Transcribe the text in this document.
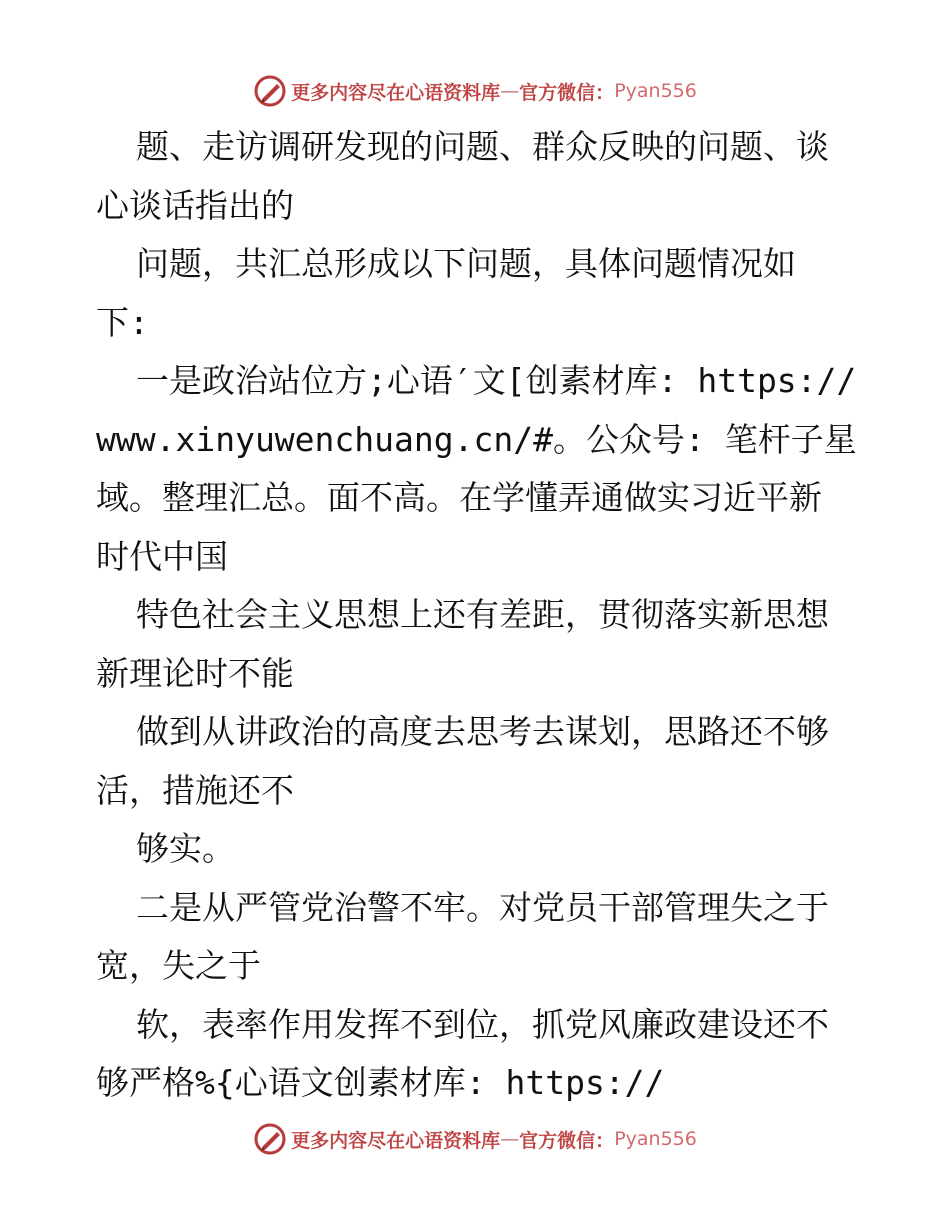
更多内容尽在心语资料库 — 官方微信： Pyan556
题、走访调研发现的问题、群众反映的问题、谈
心谈话指出的
问题，共汇总形成以下问题，具体问题情况如
下:
一是政治站位方;心语′文[创素材库: https://
www.xinyuwenchuang.cn/#。公众号: 笔杆子星
域。整理汇总。面不高。在学懂弄通做实习近平新
时代中国
特色社会主义思想上还有差距，贯彻落实新思想
新理论时不能
做到从讲政治的高度去思考去谋划，思路还不够
活，措施还不
够实。
二是从严管党治警不牢。对党员干部管理失之于
宽，失之于
软，表率作用发挥不到位，抓党风廉政建设还不
够严格%{心语文创素材库: https://
更多内容尽在心语资料库 — 官方微信： Pyan556
